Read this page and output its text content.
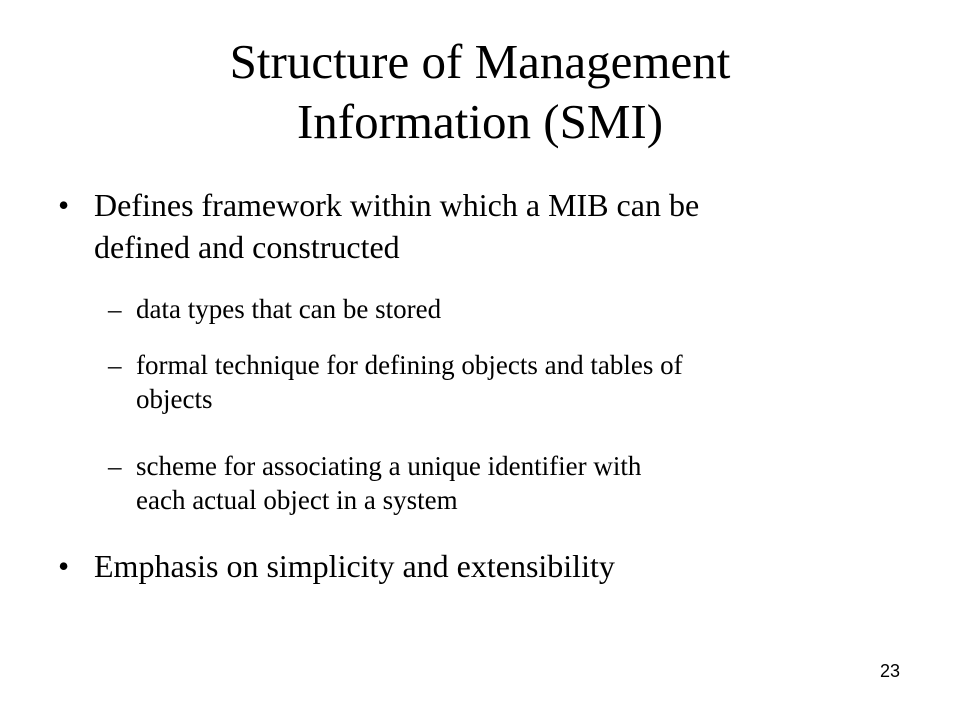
Structure of Management
Information (SMI)
• Defines framework within which a MIB can be
defined and constructed
– data types that can be stored
– formal technique for defining objects and tables of
objects
– scheme for associating a unique identifier with
each actual object in a system
• Emphasis on simplicity and extensibility
23
